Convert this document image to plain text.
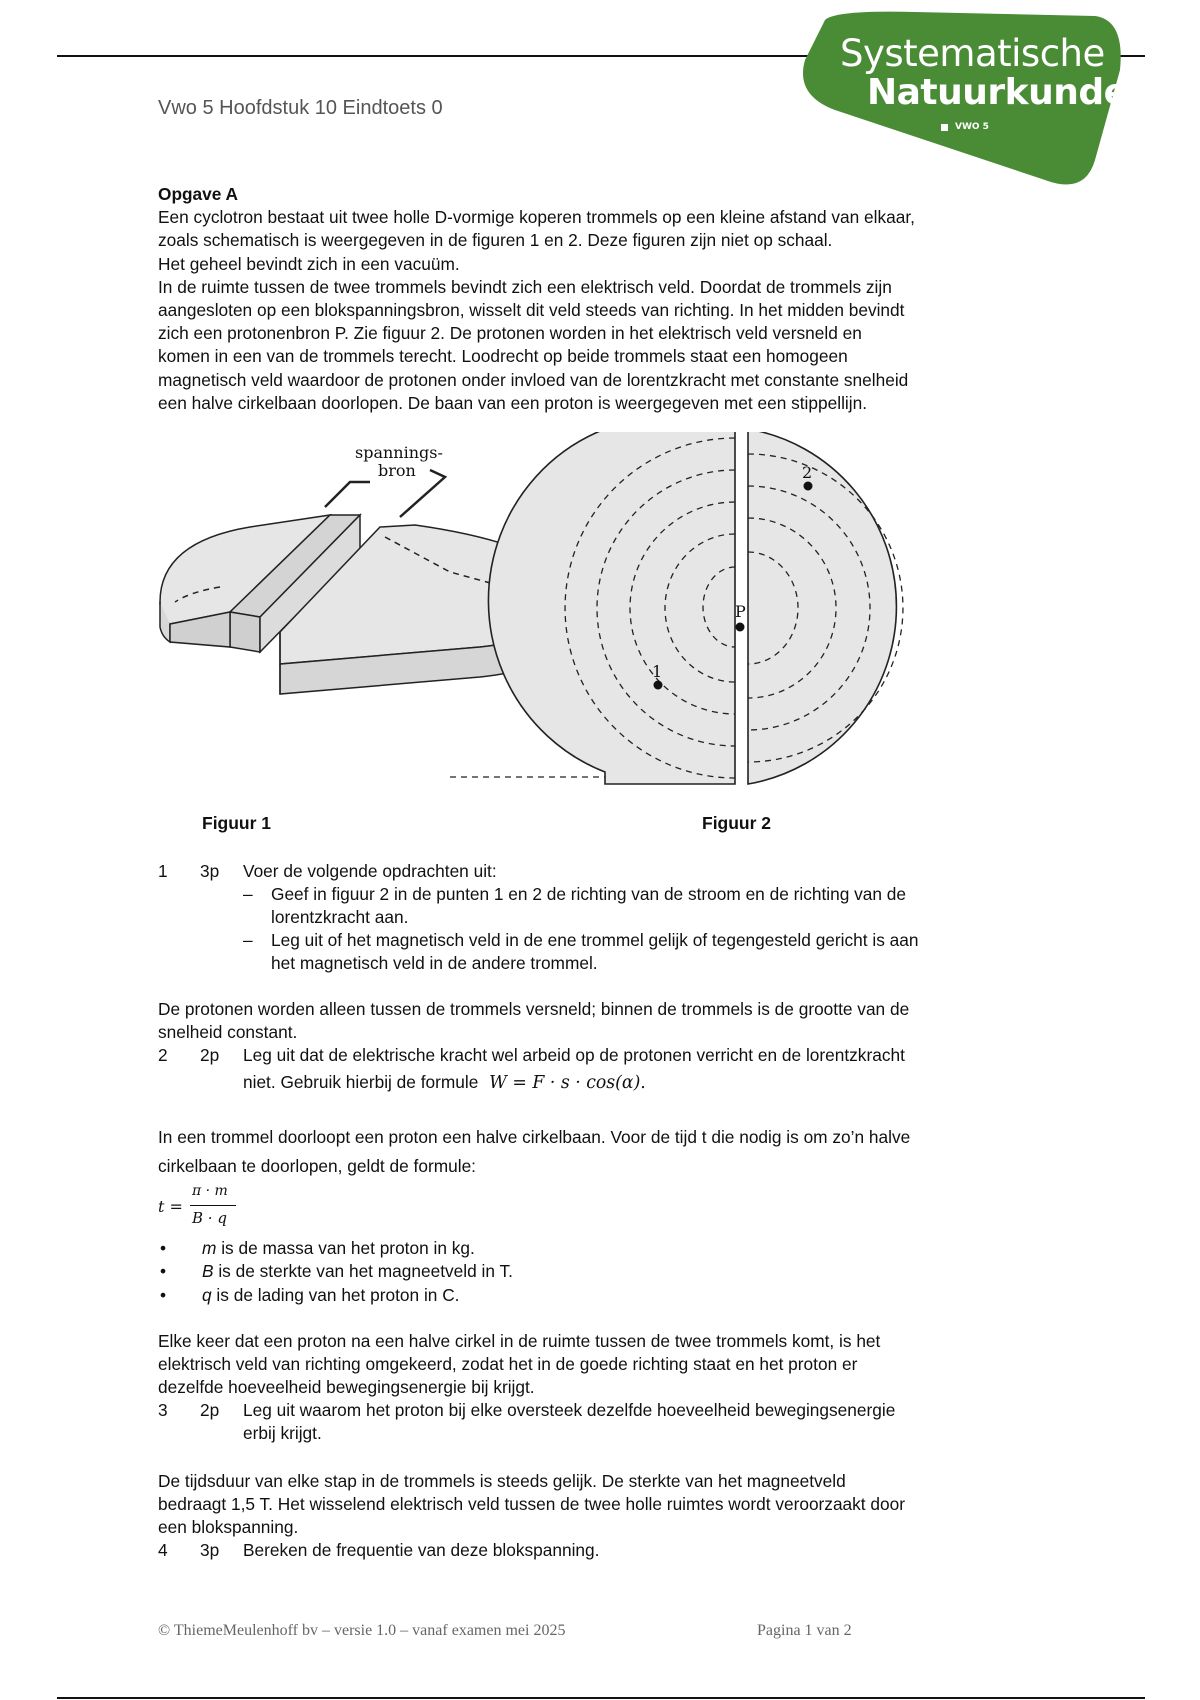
Systematische
Natuurkunde
VWO 5
Vwo 5 Hoofdstuk 10 Eindtoets 0

Opgave A

Een cyclotron bestaat uit twee holle D-vormige koperen trommels op een kleine afstand van elkaar,

zoals schematisch is weergegeven in de figuren 1 en 2. Deze figuren zijn niet op schaal.

Het geheel bevindt zich in een vacuüm.

In de ruimte tussen de twee trommels bevindt zich een elektrisch veld. Doordat de trommels zijn

aangesloten op een blokspanningsbron, wisselt dit veld steeds van richting. In het midden bevindt

zich een protonenbron P. Zie figuur 2. De protonen worden in het elektrisch veld versneld en

komen in een van de trommels terecht. Loodrecht op beide trommels staat een homogeen

magnetisch veld waardoor de protonen onder invloed van de lorentzkracht met constante snelheid

een halve cirkelbaan doorlopen. De baan van een proton is weergegeven met een stippellijn.

spannings-
bron
P
2
1
Figuur 1	Figuur 2
1 3p Voer de volgende opdrachten uit:
– Geef in figuur 2 in de punten 1 en 2 de richting van de stroom en de richting van de
lorentzkracht aan.
– Leg uit of het magnetisch veld in de ene trommel gelijk of tegengesteld gericht is aan
het magnetisch veld in de andere trommel.
De protonen worden alleen tussen de trommels versneld; binnen de trommels is de grootte van de
snelheid constant.
2 2p Leg uit dat de elektrische kracht wel arbeid op de protonen verricht en de lorentzkracht
niet. Gebruik hierbij de formule W = F · s · cos(α).
In een trommel doorloopt een proton een halve cirkelbaan. Voor de tijd t die nodig is om zo’n halve
cirkelbaan te doorlopen, geldt de formule:
t =
π · m
B · q
• m is de massa van het proton in kg.
• B is de sterkte van het magneetveld in T.
• q is de lading van het proton in C.
Elke keer dat een proton na een halve cirkel in de ruimte tussen de twee trommels komt, is het
elektrisch veld van richting omgekeerd, zodat het in de goede richting staat en het proton er
dezelfde hoeveelheid bewegingsenergie bij krijgt.
3 2p Leg uit waarom het proton bij elke oversteek dezelfde hoeveelheid bewegingsenergie
erbij krijgt.
De tijdsduur van elke stap in de trommels is steeds gelijk. De sterkte van het magneetveld
bedraagt 1,5 T. Het wisselend elektrisch veld tussen de twee holle ruimtes wordt veroorzaakt door
een blokspanning.
4 3p Bereken de frequentie van deze blokspanning.
© ThiemeMeulenhoff bv – versie 1.0 – vanaf examen mei 2025	Pagina 1 van 2
